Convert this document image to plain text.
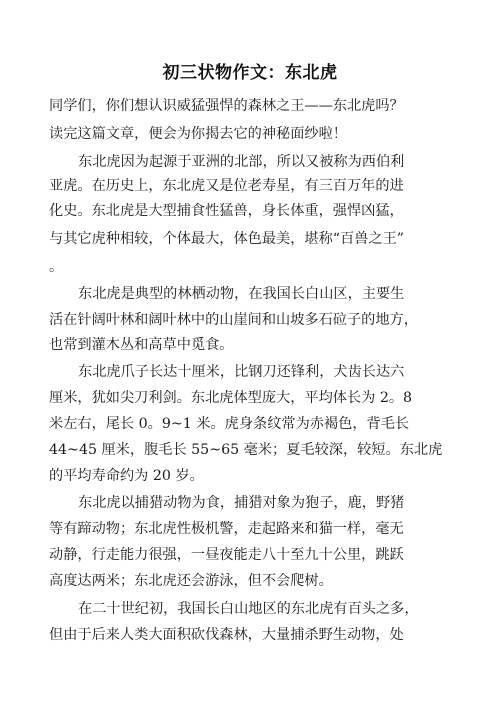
初三状物作文：东北虎
同学们，你们想认识威猛强悍的森林之王——东北虎吗？
读完这篇文章，便会为你揭去它的神秘面纱啦！
东北虎因为起源于亚洲的北部，所以又被称为西伯利
亚虎。在历史上，东北虎又是位老寿星，有三百万年的进
化史。东北虎是大型捕食性猛兽，身长体重，强悍凶猛，
与其它虎种相较，个体最大，体色最美，堪称“百兽之王”
。
东北虎是典型的林栖动物，在我国长白山区，主要生
活在针阔叶林和阔叶林中的山崖间和山坡多石砬子的地方，
也常到灌木丛和高草中觅食。
东北虎爪子长达十厘米，比钢刀还锋利，犬齿长达六
厘米，犹如尖刀利剑。东北虎体型庞大，平均体长为 2。8
米左右，尾长 0。9~1 米。虎身条纹常为赤褐色，背毛长
44~45 厘米，腹毛长 55~65 毫米；夏毛较深，较短。东北虎
的平均寿命约为 20 岁。
东北虎以捕猎动物为食，捕猎对象为狍子，鹿，野猪
等有蹄动物；东北虎性极机警，走起路来和猫一样，毫无
动静，行走能力很强，一昼夜能走八十至九十公里，跳跃
高度达两米；东北虎还会游泳，但不会爬树。
在二十世纪初，我国长白山地区的东北虎有百头之多，
但由于后来人类大面积砍伐森林，大量捕杀野生动物，处
